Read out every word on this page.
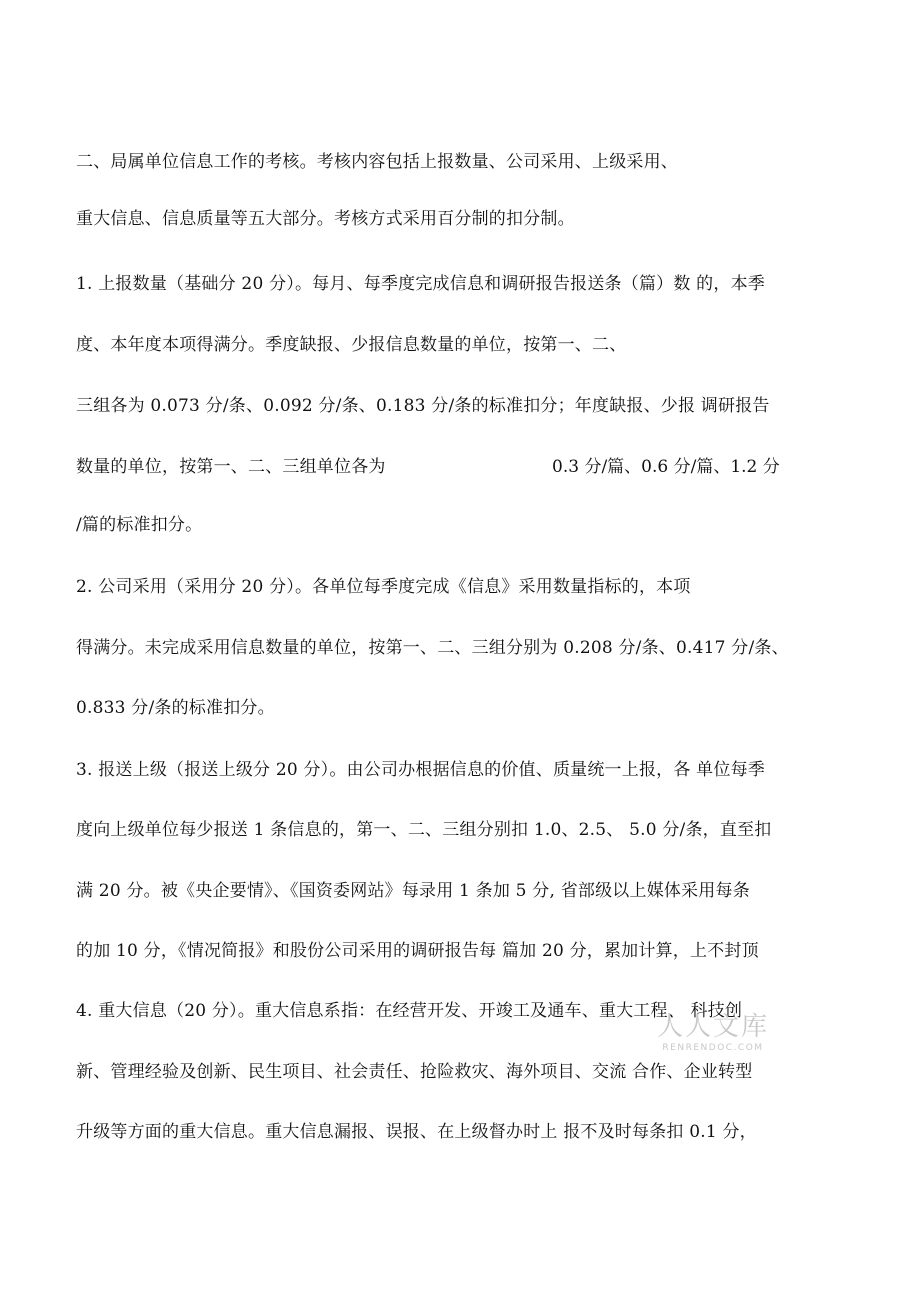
二、局属单位信息工作的考核。考核内容包括上报数量、公司采用、上级采用、
重大信息、信息质量等五大部分。考核方式采用百分制的扣分制。
1. 上报数量（基础分 20 分）。每月、每季度完成信息和调研报告报送条（篇）数 的，本季
度、本年度本项得满分。季度缺报、少报信息数量的单位，按第一、二、
三组各为 0.073 分/条、0.092 分/条、0.183 分/条的标准扣分；年度缺报、少报 调研报告
数量的单位，按第一、二、三组单位各为	0.3 分/篇、0.6 分/篇、1.2 分
/篇的标准扣分。
2. 公司采用（采用分 20 分）。各单位每季度完成《信息》采用数量指标的，本项
得满分。未完成采用信息数量的单位，按第一、二、三组分别为 0.208 分/条、0.417 分/条、
0.833 分/条的标准扣分。
3. 报送上级（报送上级分 20 分）。由公司办根据信息的价值、质量统一上报，各 单位每季
度向上级单位每少报送 1 条信息的，第一、二、三组分别扣 1.0、2.5、 5.0 分/条，直至扣
满 20 分。被《央企要情》、《国资委网站》每录用 1 条加 5 分, 省部级以上媒体采用每条
的加 10 分，《情况简报》和股份公司采用的调研报告每 篇加 20 分，累加计算，上不封顶
4. 重大信息（20 分）。重大信息系指：在经营开发、开竣工及通车、重大工程、 科技创
新、管理经验及创新、民生项目、社会责任、抢险救灾、海外项目、交流 合作、企业转型
升级等方面的重大信息。重大信息漏报、误报、在上级督办时上 报不及时每条扣 0.1 分，
人人文库
RENRENDOC.COM
